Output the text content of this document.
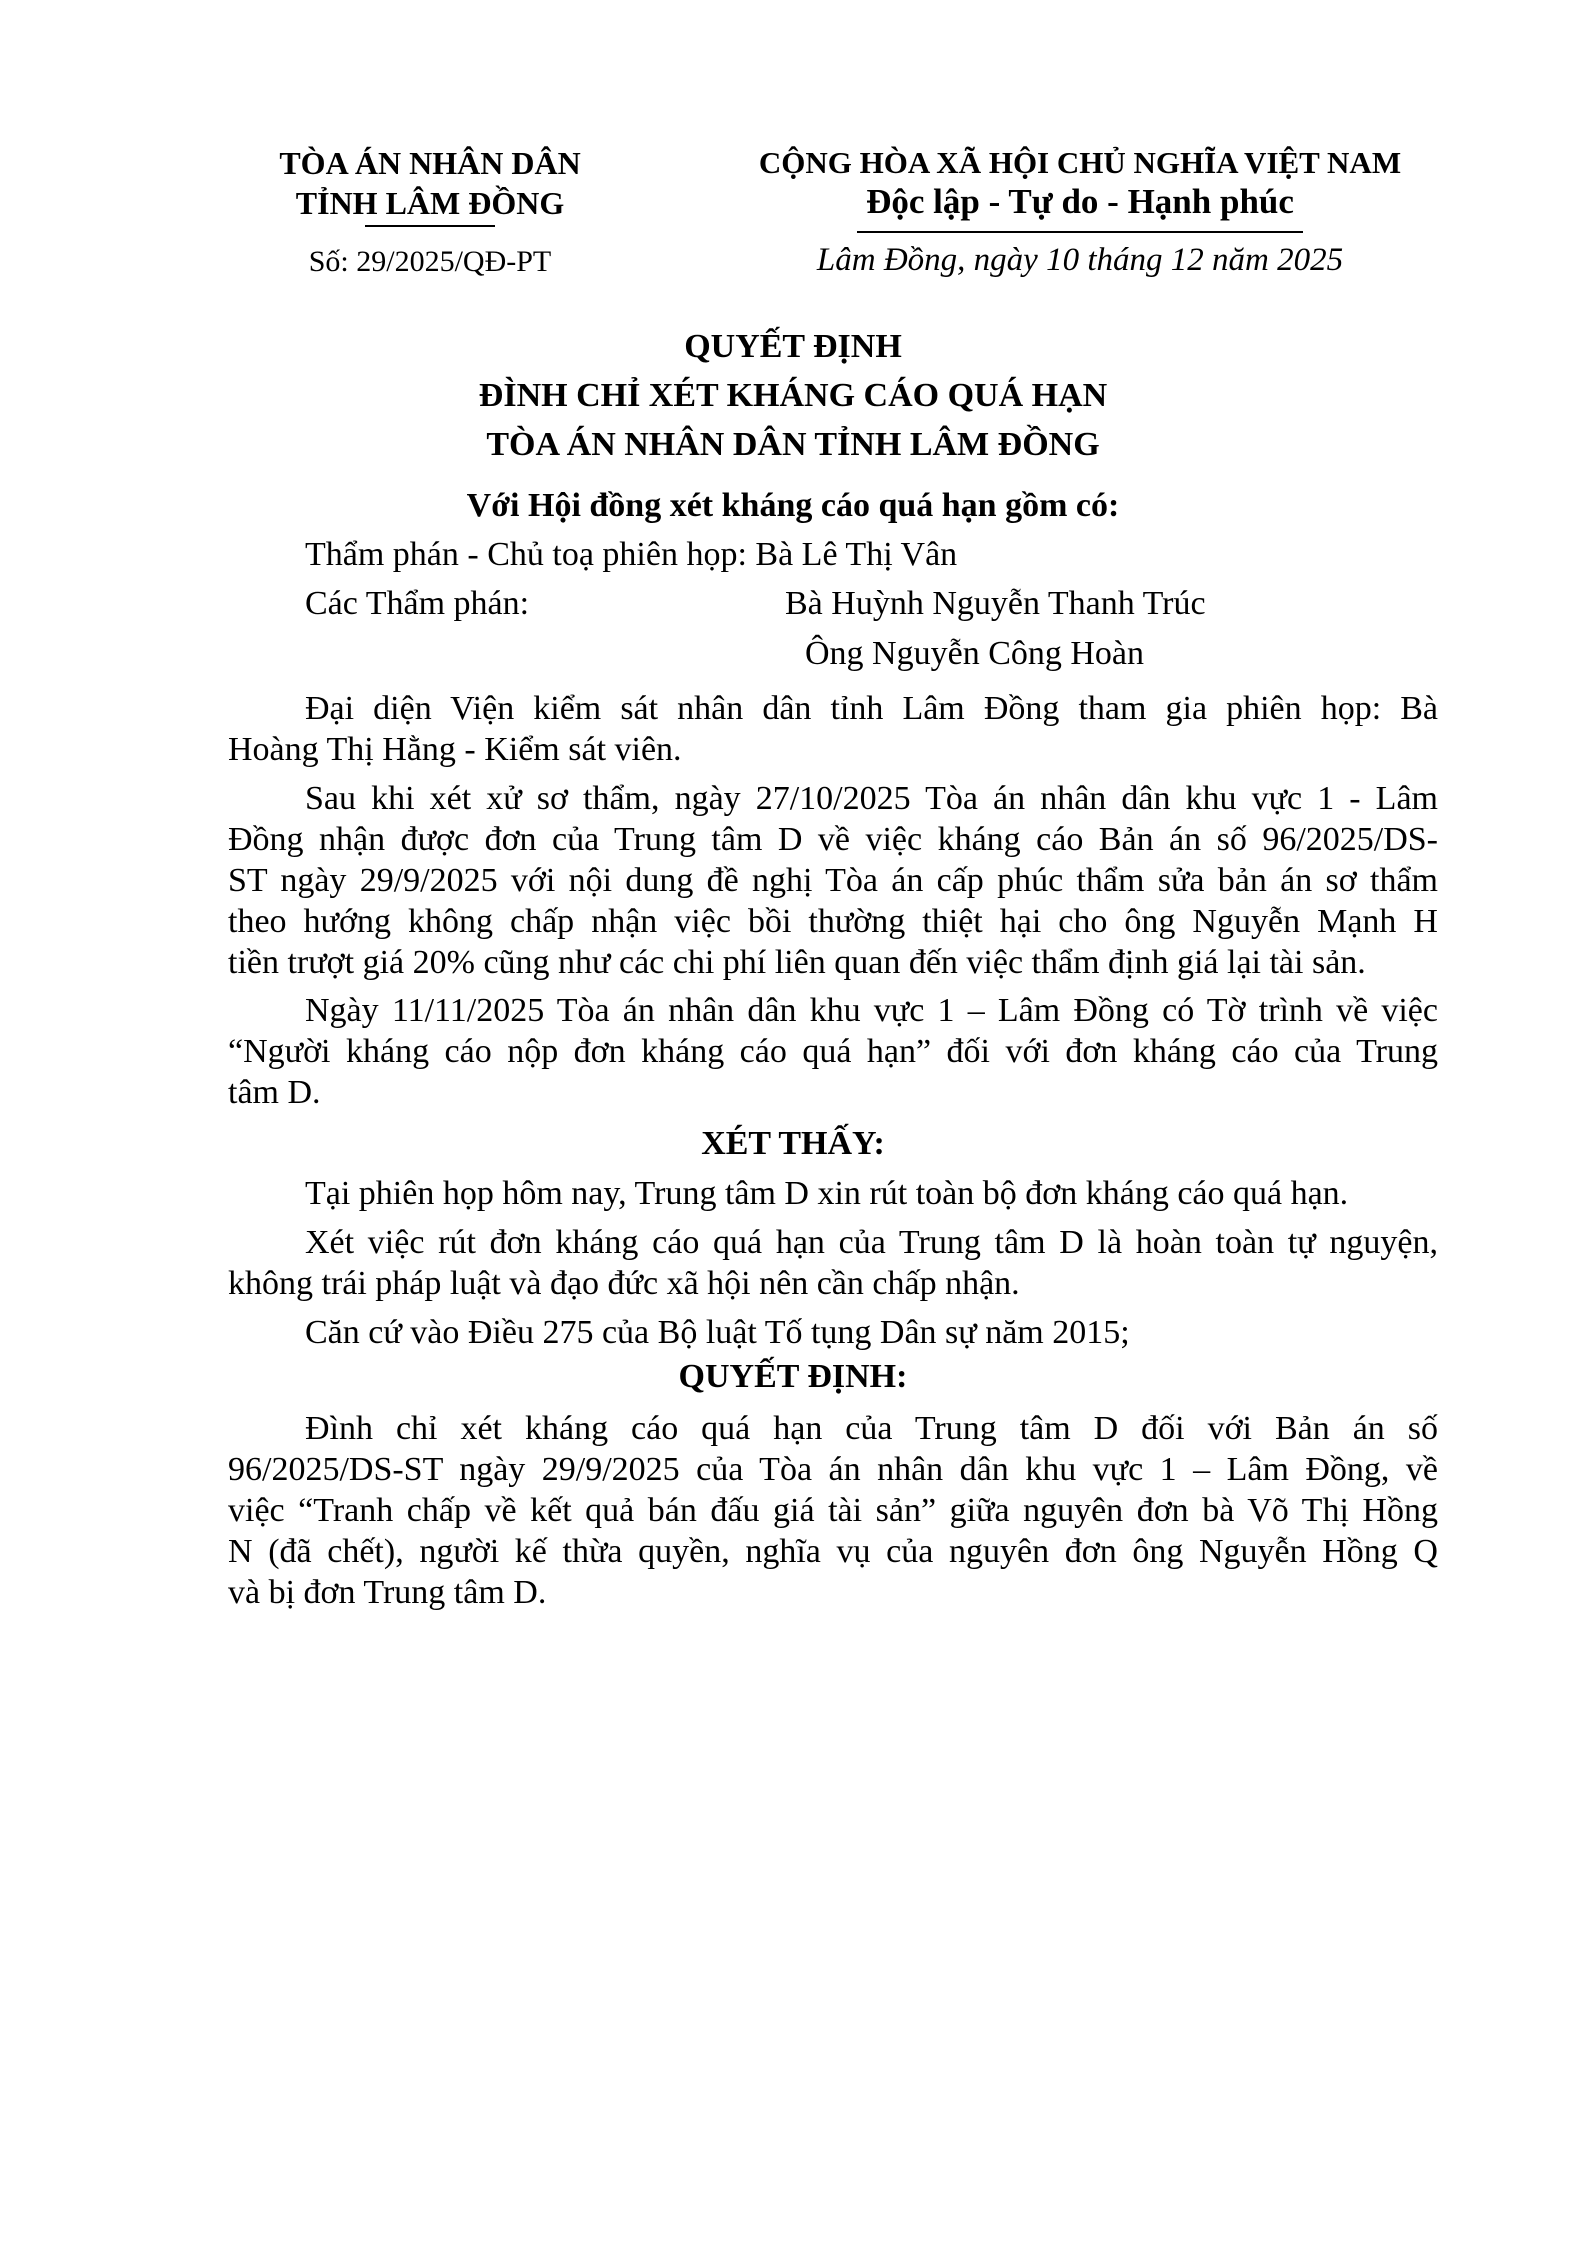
TÒA ÁN NHÂN DÂN
TỈNH LÂM ĐỒNG
Số: 29/2025/QĐ-PT
CỘNG HÒA XÃ HỘI CHỦ NGHĨA VIỆT NAM
Độc lập - Tự do - Hạnh phúc
Lâm Đồng, ngày 10 tháng 12 năm 2025
QUYẾT ĐỊNH
ĐÌNH CHỈ XÉT KHÁNG CÁO QUÁ HẠN
TÒA ÁN NHÂN DÂN TỈNH LÂM ĐỒNG
Với Hội đồng xét kháng cáo quá hạn gồm có:
Thẩm phán - Chủ toạ phiên họp: Bà Lê Thị Vân
Các Thẩm phán:	Bà Huỳnh Nguyễn Thanh Trúc
Ông Nguyễn Công Hoàn
Đại diện Viện kiểm sát nhân dân tỉnh Lâm Đồng tham gia phiên họp: Bà
Hoàng Thị Hằng - Kiểm sát viên.
Sau khi xét xử sơ thẩm, ngày 27/10/2025 Tòa án nhân dân khu vực 1 - Lâm
Đồng nhận được đơn của Trung tâm D về việc kháng cáo Bản án số 96/2025/DS-
ST ngày 29/9/2025 với nội dung đề nghị Tòa án cấp phúc thẩm sửa bản án sơ thẩm
theo hướng không chấp nhận việc bồi thường thiệt hại cho ông Nguyễn Mạnh H
tiền trượt giá 20% cũng như các chi phí liên quan đến việc thẩm định giá lại tài sản.
Ngày 11/11/2025 Tòa án nhân dân khu vực 1 – Lâm Đồng có Tờ trình về việc
“Người kháng cáo nộp đơn kháng cáo quá hạn” đối với đơn kháng cáo của Trung
tâm D.
XÉT THẤY:
Tại phiên họp hôm nay, Trung tâm D xin rút toàn bộ đơn kháng cáo quá hạn.
Xét việc rút đơn kháng cáo quá hạn của Trung tâm D là hoàn toàn tự nguyện,
không trái pháp luật và đạo đức xã hội nên cần chấp nhận.
Căn cứ vào Điều 275 của Bộ luật Tố tụng Dân sự năm 2015;
QUYẾT ĐỊNH:
Đình chỉ xét kháng cáo quá hạn của Trung tâm D đối với Bản án số
96/2025/DS-ST ngày 29/9/2025 của Tòa án nhân dân khu vực 1 – Lâm Đồng, về
việc “Tranh chấp về kết quả bán đấu giá tài sản” giữa nguyên đơn bà Võ Thị Hồng
N (đã chết), người kế thừa quyền, nghĩa vụ của nguyên đơn ông Nguyễn Hồng Q
và bị đơn Trung tâm D.
